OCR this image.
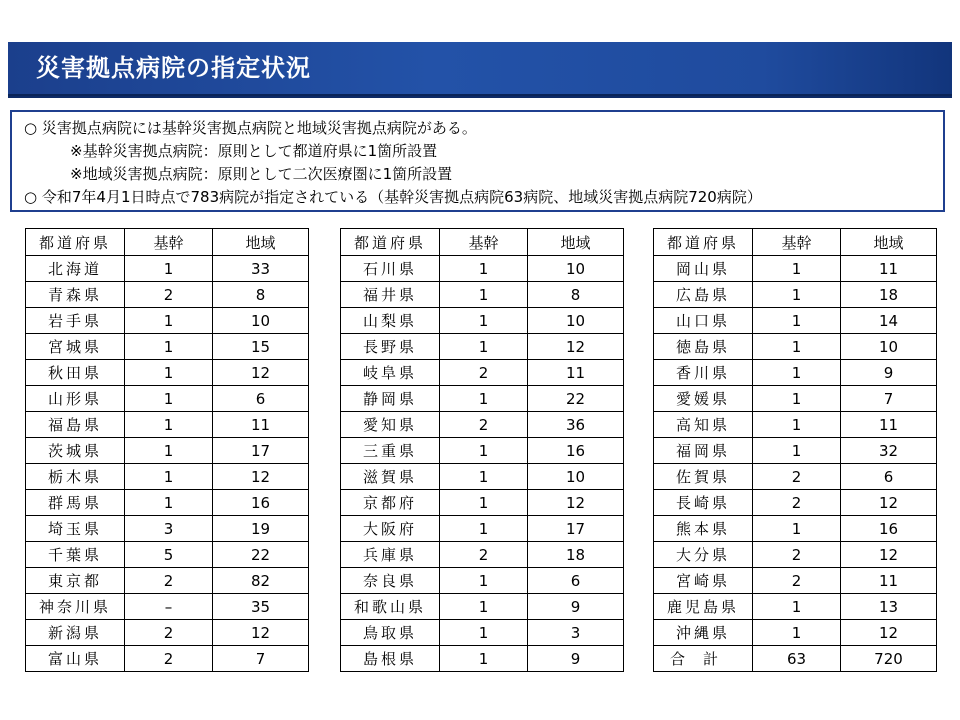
災害拠点病院の指定状況
○ 災害拠点病院には基幹災害拠点病院と地域災害拠点病院がある。
※基幹災害拠点病院：原則として都道府県に1箇所設置
※地域災害拠点病院：原則として二次医療圏に1箇所設置
○ 令和7年4月1日時点で783病院が指定されている（基幹災害拠点病院63病院、地域災害拠点病院720病院）
都道府県	基幹	地域
北海道	1	33
青森県	2	8
岩手県	1	10
宮城県	1	15
秋田県	1	12
山形県	1	6
福島県	1	11
茨城県	1	17
栃木県	1	12
群馬県	1	16
埼玉県	3	19
千葉県	5	22
東京都	2	82
神奈川県	–	35
新潟県	2	12
富山県	2	7
都道府県	基幹	地域
石川県	1	10
福井県	1	8
山梨県	1	10
長野県	1	12
岐阜県	2	11
静岡県	1	22
愛知県	2	36
三重県	1	16
滋賀県	1	10
京都府	1	12
大阪府	1	17
兵庫県	2	18
奈良県	1	6
和歌山県	1	9
鳥取県	1	3
島根県	1	9
都道府県	基幹	地域
岡山県	1	11
広島県	1	18
山口県	1	14
徳島県	1	10
香川県	1	9
愛媛県	1	7
高知県	1	11
福岡県	1	32
佐賀県	2	6
長崎県	2	12
熊本県	1	16
大分県	2	12
宮崎県	2	11
鹿児島県	1	13
沖縄県	1	12
合計	63	720
